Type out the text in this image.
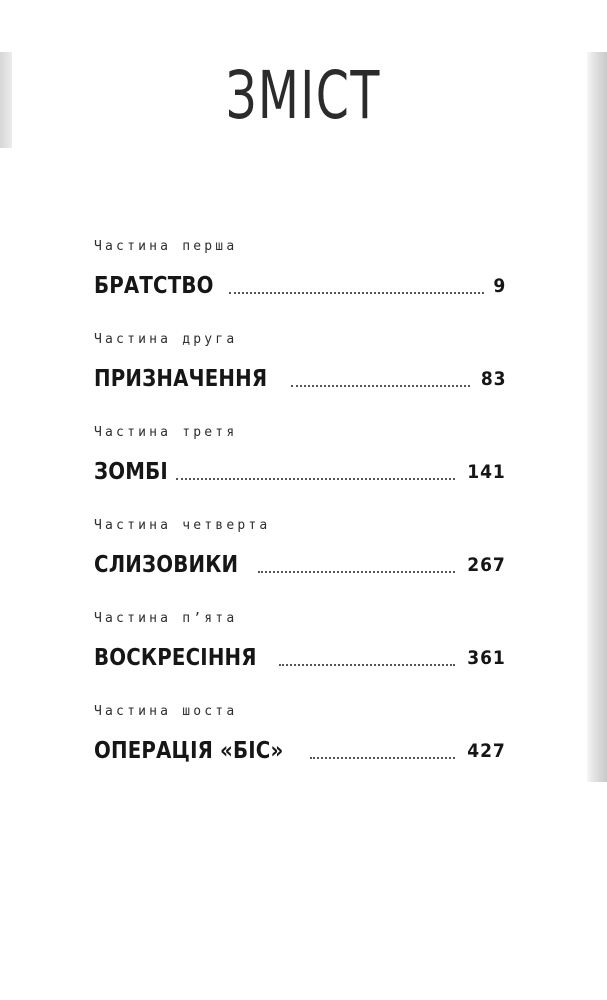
ЗМІСТ
Частина перша
БРАТСТВО	9
Частина друга
ПРИЗНАЧЕННЯ	83
Частина третя
ЗОМБІ	141
Частина четверта
СЛИЗОВИКИ	267
Частина п’ята
ВОСКРЕСІННЯ	361
Частина шоста
ОПЕРАЦІЯ «БІС»	427
